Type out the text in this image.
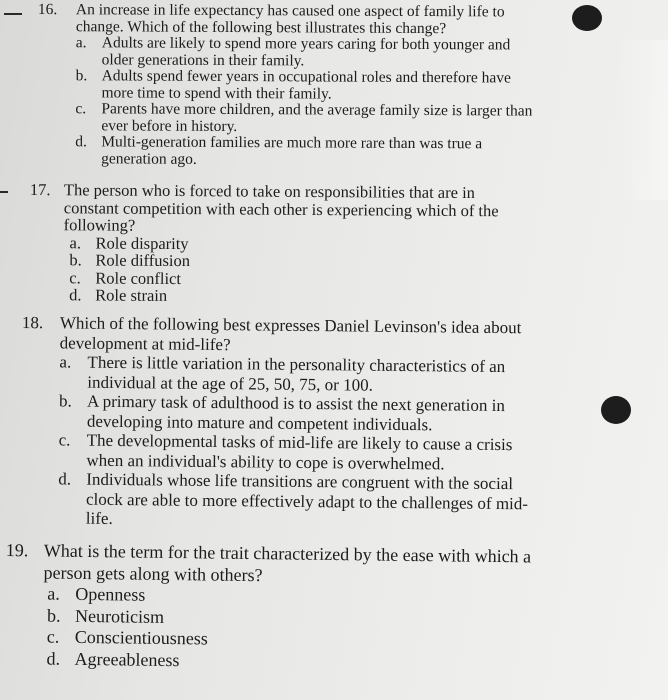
16.	An increase in life expectancy has caused one aspect of family life to change. Which of the following best illustrates this change?
a. Adults are likely to spend more years caring for both younger and older generations in their family.
b. Adults spend fewer years in occupational roles and therefore have more time to spend with their family.
c. Parents have more children, and the average family size is larger than ever before in history.
d. Multi-generation families are much more rare than was true a generation ago.
17. The person who is forced to take on responsibilities that are in constant competition with each other is experiencing which of the following?
a. Role disparity
b. Role diffusion
c. Role conflict
d. Role strain
18. Which of the following best expresses Daniel Levinson's idea about development at mid-life?
a. There is little variation in the personality characteristics of an individual at the age of 25, 50, 75, or 100.
b. A primary task of adulthood is to assist the next generation in developing into mature and competent individuals.
c. The developmental tasks of mid-life are likely to cause a crisis when an individual's ability to cope is overwhelmed.
d. Individuals whose life transitions are congruent with the social clock are able to more effectively adapt to the challenges of mid-life.
19. What is the term for the trait characterized by the ease with which a person gets along with others?
a. Openness
b. Neuroticism
c. Conscientiousness
d. Agreeableness
